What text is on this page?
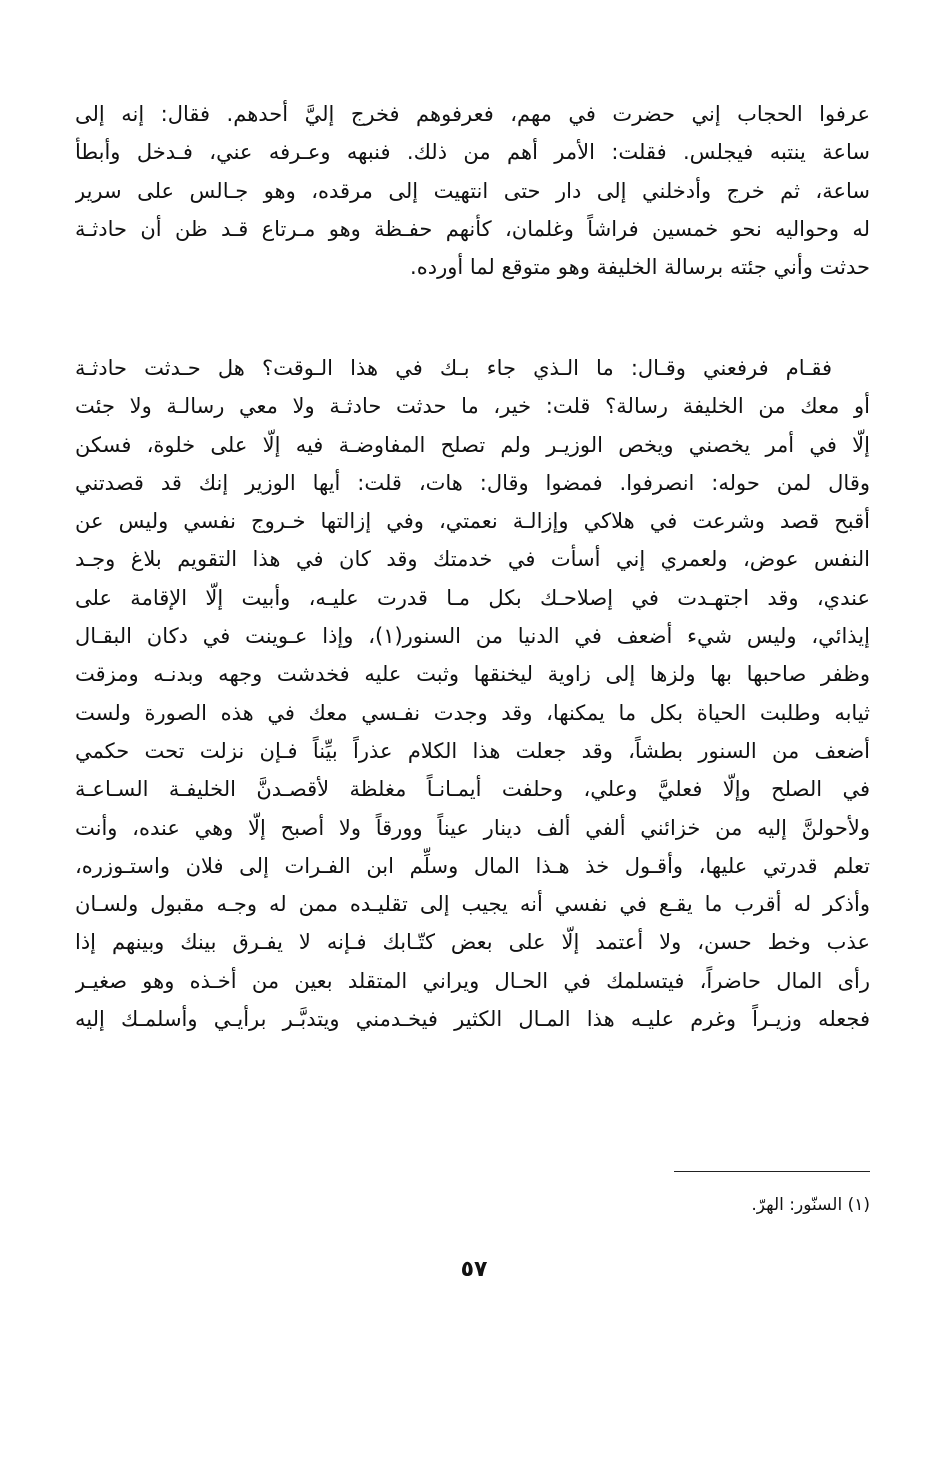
عرفوا الحجاب إني حضرت في مهم، فعرفوهم فخرج إليَّ أحدهم. فقال: إنه إلى
ساعة ينتبه فيجلس. فقلت: الأمر أهم من ذلك. فنبهه وعـرفه عني، فـدخل وأبطأ
ساعة، ثم خرج وأدخلني إلى دار حتى انتهيت إلى مرقده، وهو جـالس على سرير
له وحواليه نحو خمسين فراشاً وغلمان، كأنهم حفـظة وهو مـرتاع قـد ظن أن حادثـة
حدثت وأني جئته برسالة الخليفة وهو متوقع لما أورده.
فقـام فرفعني وقـال: ما الـذي جاء بـك في هذا الـوقت؟ هل حـدثت حادثـة
أو معك من الخليفة رسالة؟ قلت: خير، ما حدثت حادثـة ولا معي رسالـة ولا جئت
إلّا في أمر يخصني ويخص الوزيـر ولم تصلح المفاوضـة فيه إلّا على خلوة، فسكن
وقال لمن حوله: انصرفوا. فمضوا وقال: هات، قلت: أيها الوزير إنك قد قصدتني
أقبح قصد وشرعت في هلاكي وإزالـة نعمتي، وفي إزالتها خـروج نفسي وليس عن
النفس عوض، ولعمري إني أسأت في خدمتك وقد كان في هذا التقويم بلاغ وجـد
عندي، وقد اجتهـدت في إصلاحـك بكل مـا قدرت عليـه، وأبيت إلّا الإقامة على
إيذائي، وليس شيء أضعف في الدنيا من السنور(١)، وإذا عـوينت في دكان البقـال
وظفر صاحبها بها ولزها إلى زاوية ليخنقها وثبت عليه فخدشت وجهه وبدنـه ومزقت
ثيابه وطلبت الحياة بكل ما يمكنها، وقد وجدت نفـسي معك في هذه الصورة ولست
أضعف من السنور بطشاً، وقد جعلت هذا الكلام عذراً بيِّناً فـإن نزلت تحت حكمي
في الصلح وإلّا فعليَّ وعلي، وحلفت أيمـانـاً مغلظة لأقصـدنَّ الخليفـة السـاعـة
ولأحولنَّ إليه من خزائني ألفي ألف دينار عيناً وورقاً ولا أصبح إلّا وهي عنده، وأنت
تعلم قدرتي عليها، وأقـول خذ هـذا المال وسلِّم ابن الفـرات إلى فلان واستـوزره،
وأذكر له أقرب ما يقـع في نفسي أنه يجيب إلى تقليـده ممن له وجـه مقبول ولسـان
عذب وخط حسن، ولا أعتمد إلّا على بعض كتّـابك فـإنه لا يفـرق بينك وبينهم إذا
رأى المال حاضراً، فيتسلمك في الحـال ويراني المتقلد بعين من أخـذه وهو صغيـر
فجعله وزيـراً وغرم عليـه هذا المـال الكثير فيخـدمني ويتدبَّـر برأيـي وأسلمـك إليه
(١) السنّور: الهرّ.
٥٧
